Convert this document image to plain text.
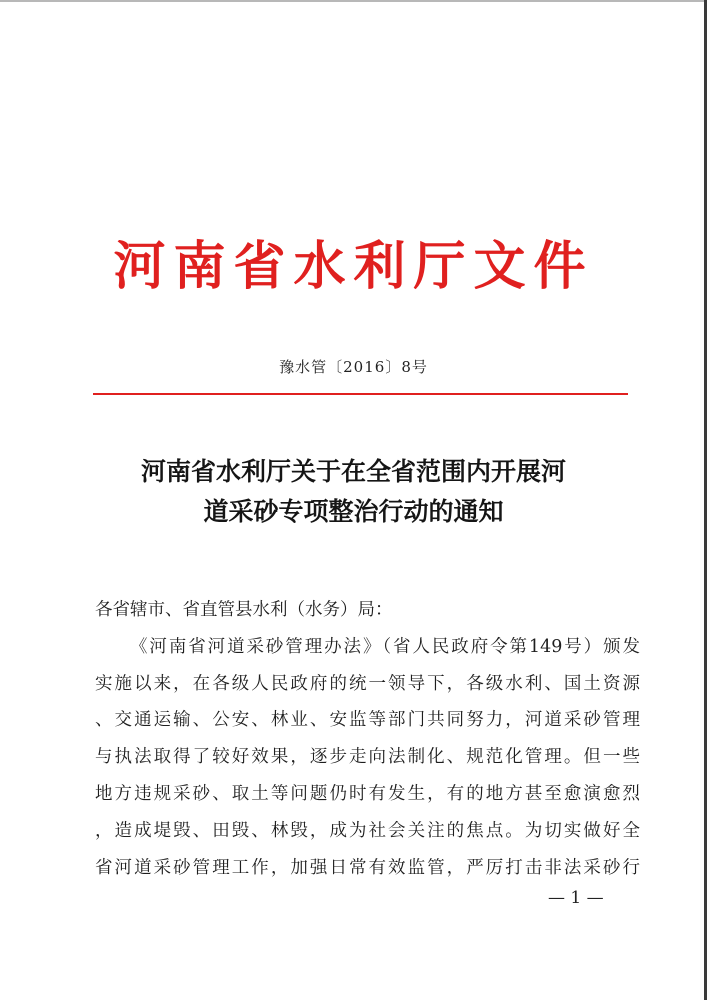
河南省水利厅文件
豫水管〔2016〕8号
河南省水利厅关于在全省范围内开展河
道采砂专项整治行动的通知
各省辖市、省直管县水利（水务）局：
《河南省河道采砂管理办法》（省人民政府令第149号）颁发
实施以来，在各级人民政府的统一领导下，各级水利、国土资源
、交通运输、公安、林业、安监等部门共同努力，河道采砂管理
与执法取得了较好效果，逐步走向法制化、规范化管理。但一些
地方违规采砂、取土等问题仍时有发生，有的地方甚至愈演愈烈
，造成堤毁、田毁、林毁，成为社会关注的焦点。为切实做好全
省河道采砂管理工作，加强日常有效监管，严厉打击非法采砂行
— 1 —
